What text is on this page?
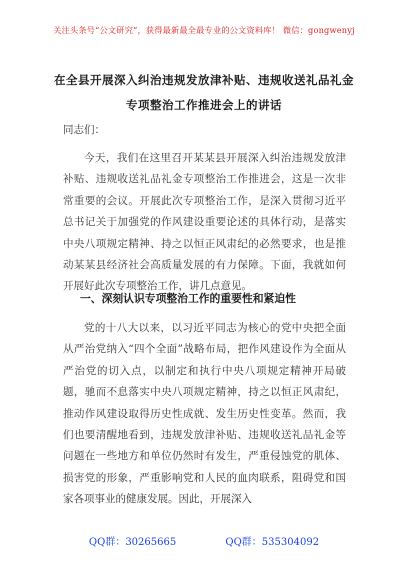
关注头条号“公文研究”，获得最新最全最专业的公文资料库！ 微信：gongwenyj
在全县开展深入纠治违规发放津补贴、违规收送礼品礼金
专项整治工作推进会上的讲话
同志们：

今天，我们在这里召开某某县开展深入纠治违规发放津补贴、违规收送礼品礼金专项整治工作推进会，这是一次非常重要的会议。开展此次专项整治工作，是深入贯彻习近平总书记关于加强党的作风建设重要论述的具体行动，是落实中央八项规定精神、持之以恒正风肃纪的必然要求，也是推动某某县经济社会高质量发展的有力保障。下面，我就如何开展好此次专项整治工作，讲几点意见。

一、深刻认识专项整治工作的重要性和紧迫性

党的十八大以来，以习近平同志为核心的党中央把全面从严治党纳入“四个全面”战略布局，把作风建设作为全面从严治党的切入点，以制定和执行中央八项规定精神开局破题，驰而不息落实中央八项规定精神，持之以恒正风肃纪，推动作风建设取得历史性成就、发生历史性变革。然而，我们也要清醒地看到，违规发放津补贴、违规收送礼品礼金等问题在一些地方和单位仍然时有发生，严重侵蚀党的肌体、损害党的形象，严重影响党和人民的血肉联系，阻碍党和国家各项事业的健康发展。因此，开展深入

QQ群：30265665	QQ群：535304092
